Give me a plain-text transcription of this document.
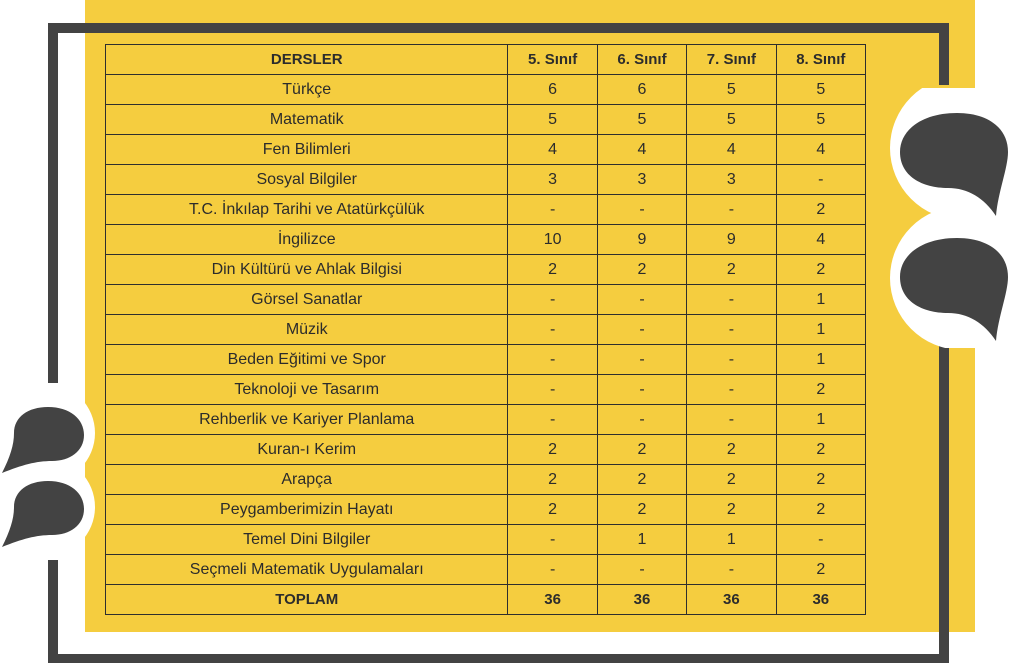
DERSLER	5. Sınıf	6. Sınıf	7. Sınıf	8. Sınıf
Türkçe	6	6	5	5
Matematik	5	5	5	5
Fen Bilimleri	4	4	4	4
Sosyal Bilgiler	3	3	3	-
T.C. İnkılap Tarihi ve Atatürkçülük	-	-	-	2
İngilizce	10	9	9	4
Din Kültürü ve Ahlak Bilgisi	2	2	2	2
Görsel Sanatlar	-	-	-	1
Müzik	-	-	-	1
Beden Eğitimi ve Spor	-	-	-	1
Teknoloji ve Tasarım	-	-	-	2
Rehberlik ve Kariyer Planlama	-	-	-	1
Kuran-ı Kerim	2	2	2	2
Arapça	2	2	2	2
Peygamberimizin Hayatı	2	2	2	2
Temel Dini Bilgiler	-	1	1	-
Seçmeli Matematik Uygulamaları	-	-	-	2
TOPLAM	36	36	36	36
